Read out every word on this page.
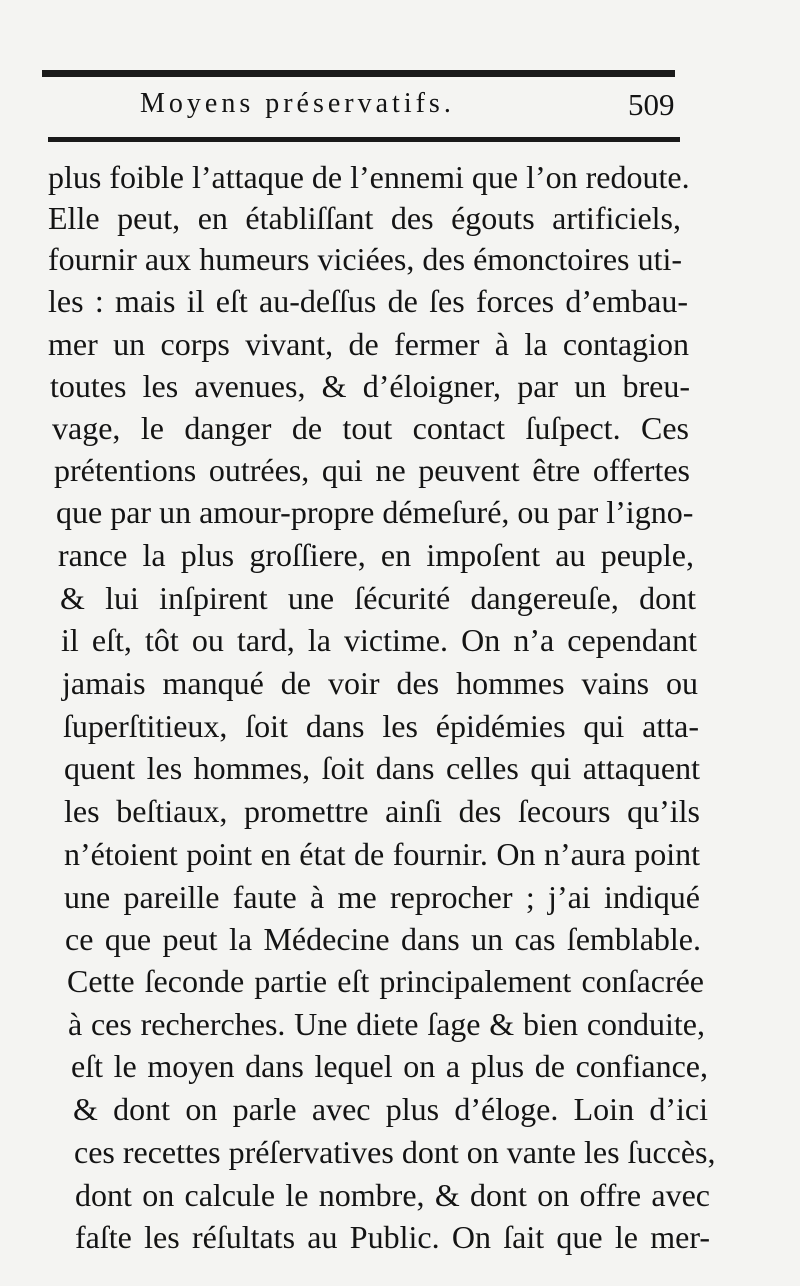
Moyens préservatifs.	509
plus foible l’attaque de l’ennemi que l’on redoute.
Elle peut, en établiſſant des égouts artificiels,
fournir aux humeurs viciées, des émonctoires uti-
les : mais il eſt au-deſſus de ſes forces d’embau-
mer un corps vivant, de fermer à la contagion
toutes les avenues, & d’éloigner, par un breu-
vage, le danger de tout contact ſuſpect. Ces
prétentions outrées, qui ne peuvent être offertes
que par un amour-propre démeſuré, ou par l’igno-
rance la plus groſſiere, en impoſent au peuple,
& lui inſpirent une ſécurité dangereuſe, dont
il eſt, tôt ou tard, la victime. On n’a cependant
jamais manqué de voir des hommes vains ou
ſuperſtitieux, ſoit dans les épidémies qui atta-
quent les hommes, ſoit dans celles qui attaquent
les beſtiaux, promettre ainſi des ſecours qu’ils
n’étoient point en état de fournir. On n’aura point
une pareille faute à me reprocher ; j’ai indiqué
ce que peut la Médecine dans un cas ſemblable.
Cette ſeconde partie eſt principalement conſacrée
à ces recherches. Une diete ſage & bien conduite,
eſt le moyen dans lequel on a plus de confiance,
& dont on parle avec plus d’éloge. Loin d’ici
ces recettes préſervatives dont on vante les ſuccès,
dont on calcule le nombre, & dont on offre avec
faſte les réſultats au Public. On ſait que le mer-
